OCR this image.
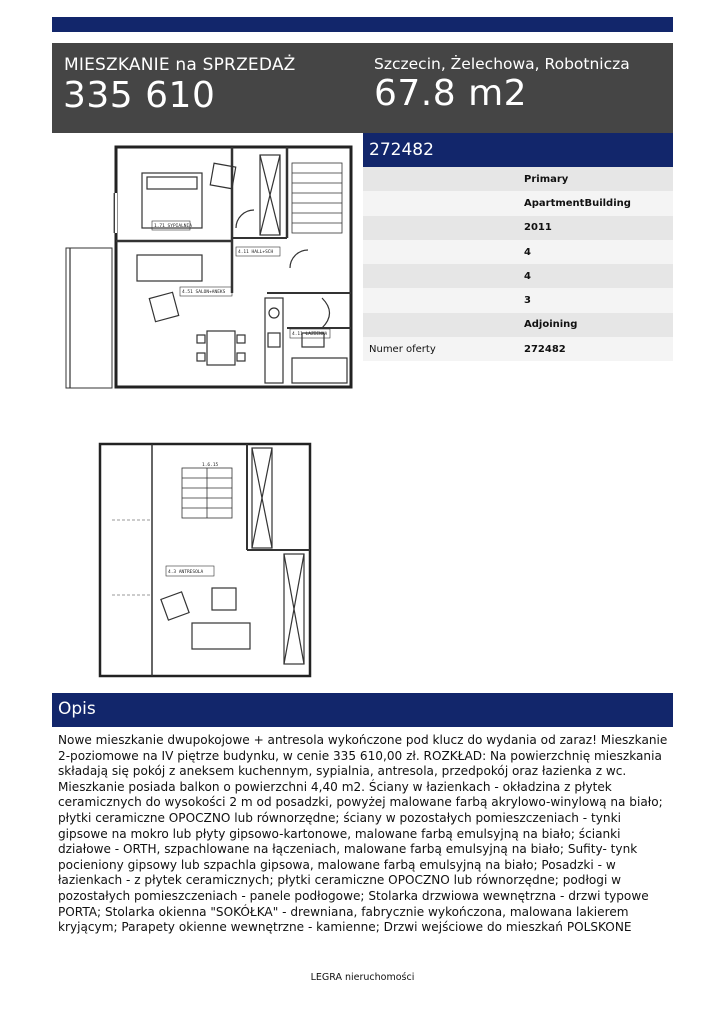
MIESZKANIE na SPRZEDAŻ
335 610
Szczecin, Żelechowa, Robotnicza
67.8 m2
1.71 SYPIALNIA
4.11 HALL+SCH
4.51 SALON+ANEKS
4.11 ŁAZIENKA
1.6.15
4.3 ANTRESOLA
272482
Primary
ApartmentBuilding
2011
4
4
3
Adjoining
Numer oferty	272482
Opis
Nowe mieszkanie dwupokojowe + antresola wykończone pod klucz do wydania od zaraz! Mieszkanie 2-poziomowe na IV piętrze budynku, w cenie 335 610,00 zł. ROZKŁAD: Na powierzchnię mieszkania składają się pokój z aneksem kuchennym, sypialnia, antresola, przedpokój oraz łazienka z wc. Mieszkanie posiada balkon o powierzchni 4,40 m2. Ściany w łazienkach - okładzina z płytek ceramicznych do wysokości 2 m od posadzki, powyżej malowane farbą akrylowo-winylową na biało; płytki ceramiczne OPOCZNO lub równorzędne; ściany w pozostałych pomieszczeniach - tynki gipsowe na mokro lub płyty gipsowo-kartonowe, malowane farbą emulsyjną na biało; ścianki działowe - ORTH, szpachlowane na łączeniach, malowane farbą emulsyjną na biało; Sufity- tynk pocieniony gipsowy lub szpachla gipsowa, malowane farbą emulsyjną na biało; Posadzki - w łazienkach - z płytek ceramicznych; płytki ceramiczne OPOCZNO lub równorzędne; podłogi w pozostałych pomieszczeniach - panele podłogowe; Stolarka drzwiowa wewnętrzna - drzwi typowe PORTA; Stolarka okienna "SOKÓŁKA" - drewniana, fabrycznie wykończona, malowana lakierem kryjącym; Parapety okienne wewnętrzne - kamienne; Drzwi wejściowe do mieszkań POLSKONE
LEGRA nieruchomości
